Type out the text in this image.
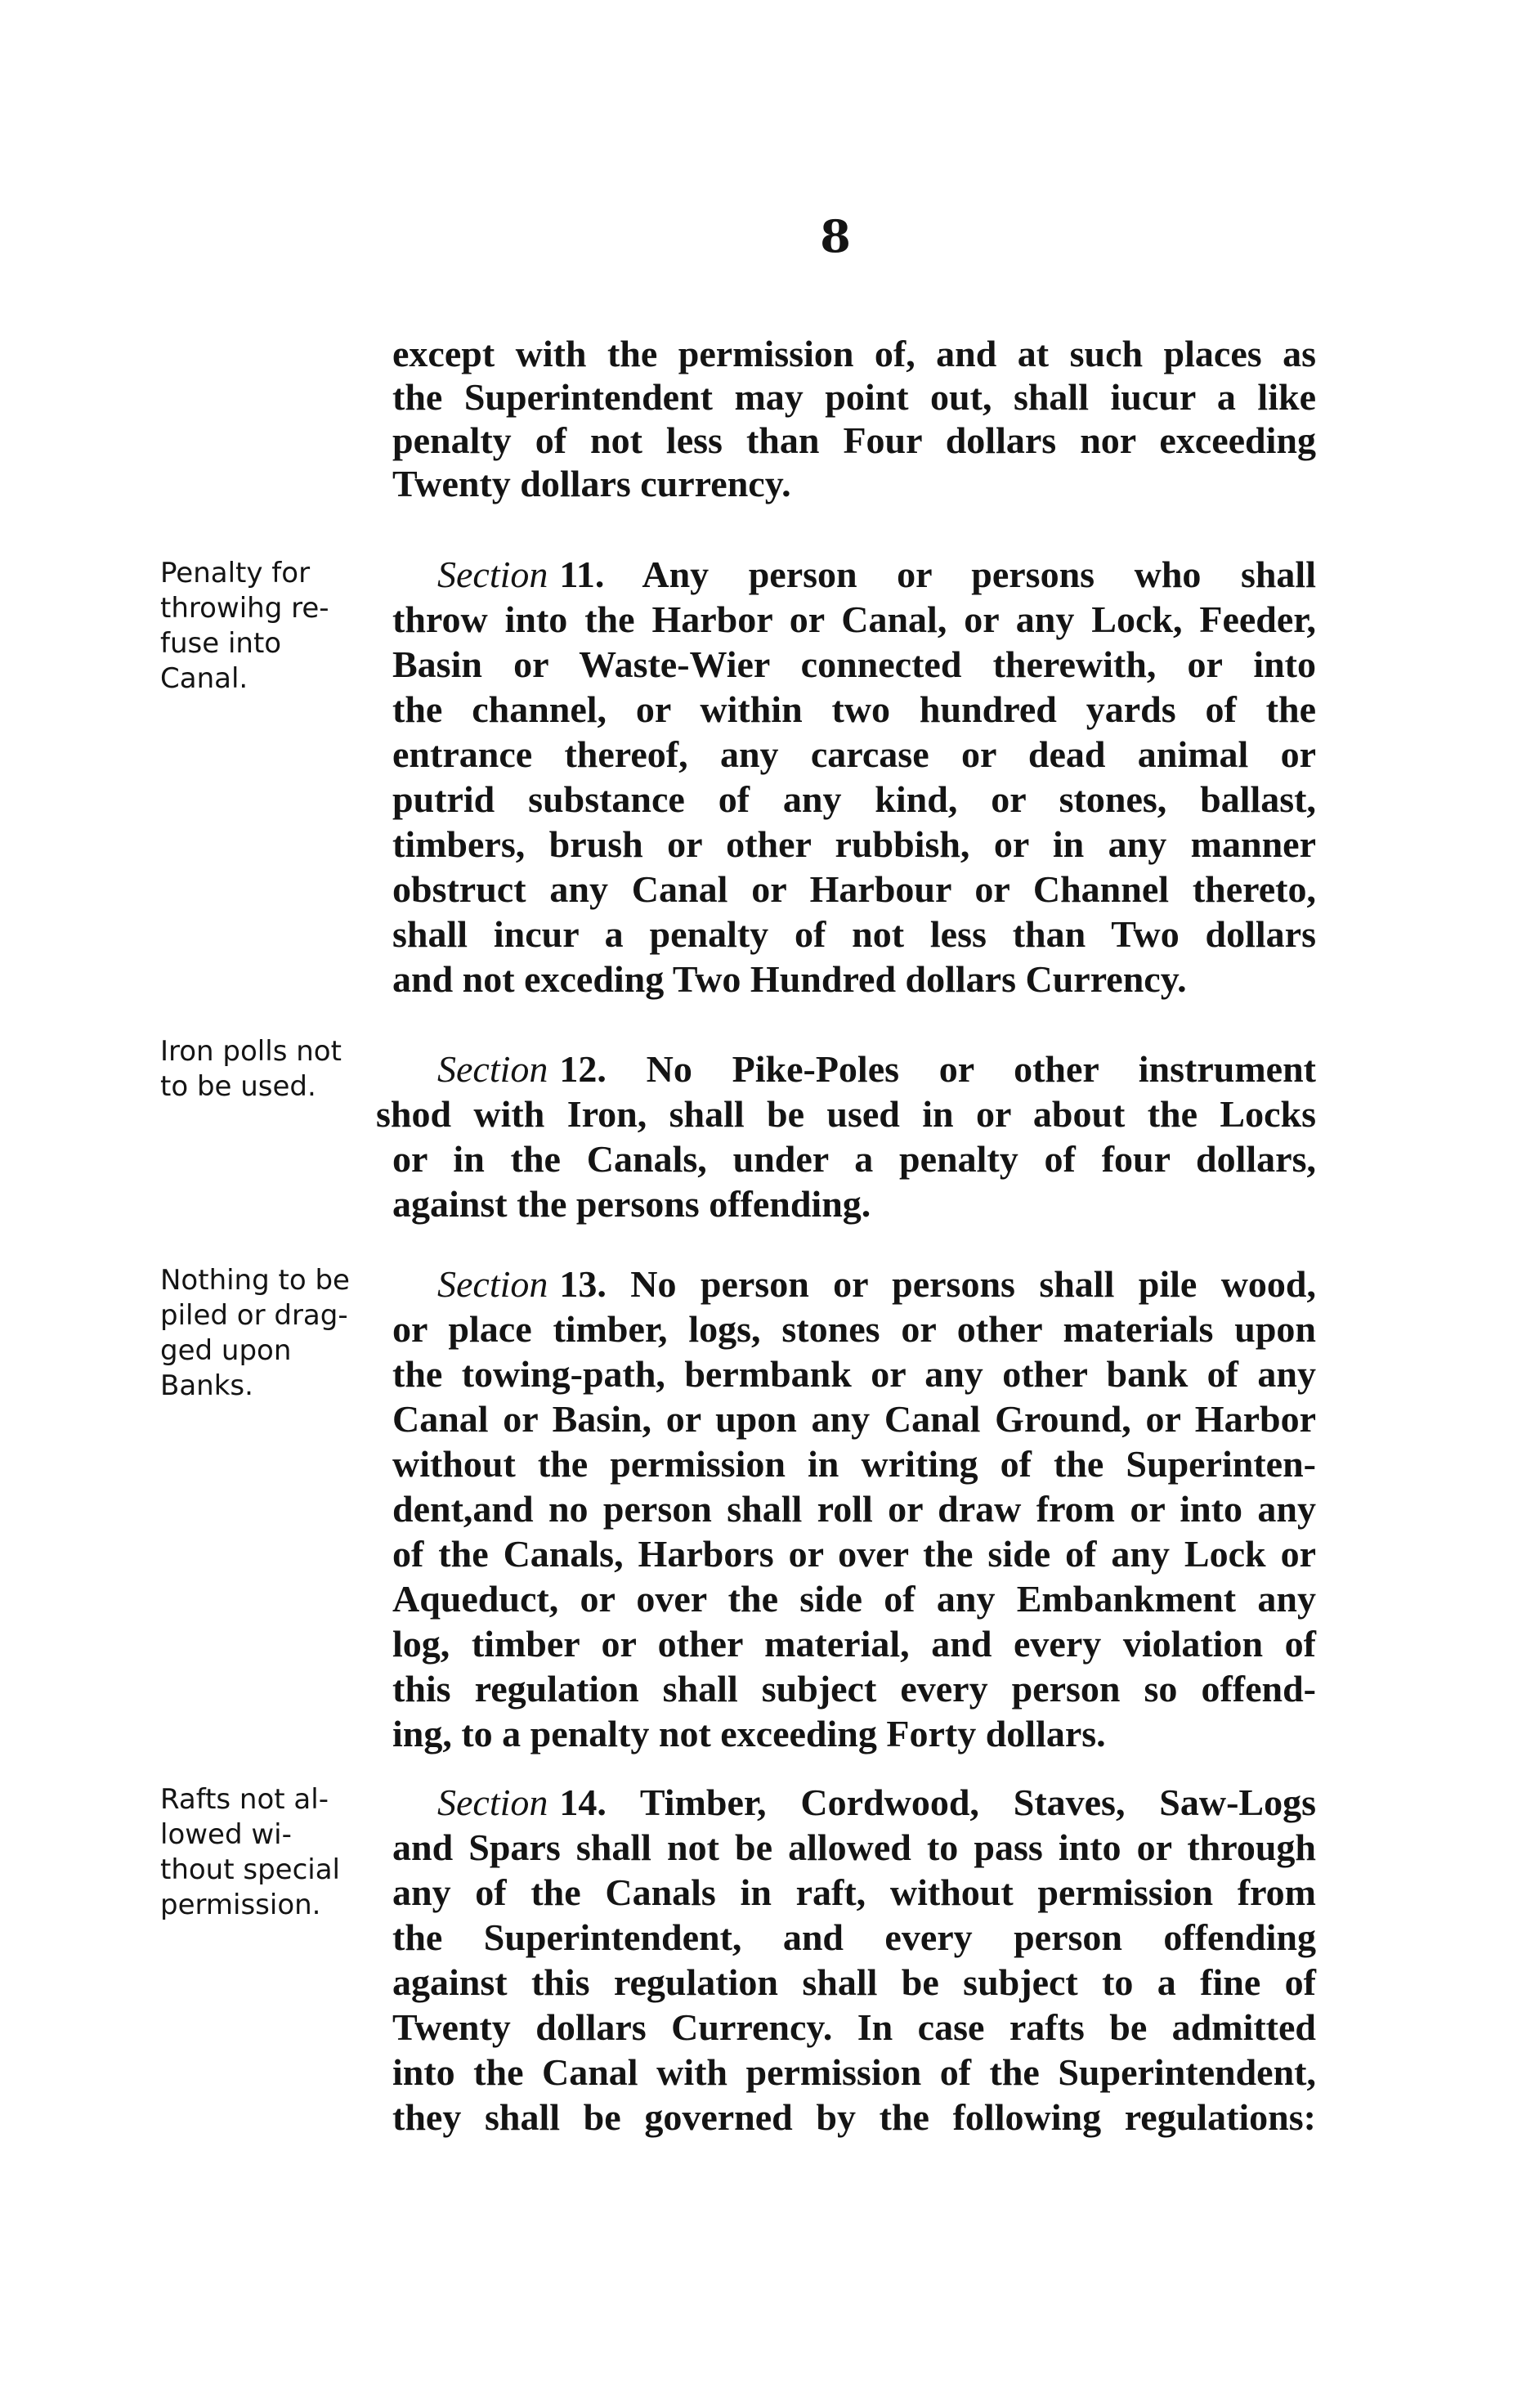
8
except with the permission of, and at such places as
the Superintendent may point out, shall iucur a like
penalty of not less than Four dollars nor exceeding
Twenty dollars currency.
Penalty for
throwihg re-
fuse into
Canal.
Section 11. Any person or persons who shall
throw into the Harbor or Canal, or any Lock, Feeder,
Basin or Waste-Wier connected therewith, or into
the channel, or within two hundred yards of the
entrance thereof, any carcase or dead animal or
putrid substance of any kind, or stones, ballast,
timbers, brush or other rubbish, or in any manner
obstruct any Canal or Harbour or Channel thereto,
shall incur a penalty of not less than Two dollars
and not exceding Two Hundred dollars Currency.
Iron polls not
to be used.	Section 12. No Pike-Poles or other instrument
shod with Iron, shall be used in or about the Locks
or in the Canals, under a penalty of four dollars,
against the persons offending.
Nothing to be
piled or drag-
ged upon
Banks.
Section 13. No person or persons shall pile wood,
or place timber, logs, stones or other materials upon
the towing-path, bermbank or any other bank of any
Canal or Basin, or upon any Canal Ground, or Harbor
without the permission in writing of the Superinten-
dent,and no person shall roll or draw from or into any
of the Canals, Harbors or over the side of any Lock or
Aqueduct, or over the side of any Embankment any
log, timber or other material, and every violation of
this regulation shall subject every person so offend-
ing, to a penalty not exceeding Forty dollars.
Rafts not al-
lowed wi-
thout special
permission.
Section 14. Timber, Cordwood, Staves, Saw-Logs
and Spars shall not be allowed to pass into or through
any of the Canals in raft, without permission from
the Superintendent, and every person offending
against this regulation shall be subject to a fine of
Twenty dollars Currency. In case rafts be admitted
into the Canal with permission of the Superintendent,
they shall be governed by the following regulations:
